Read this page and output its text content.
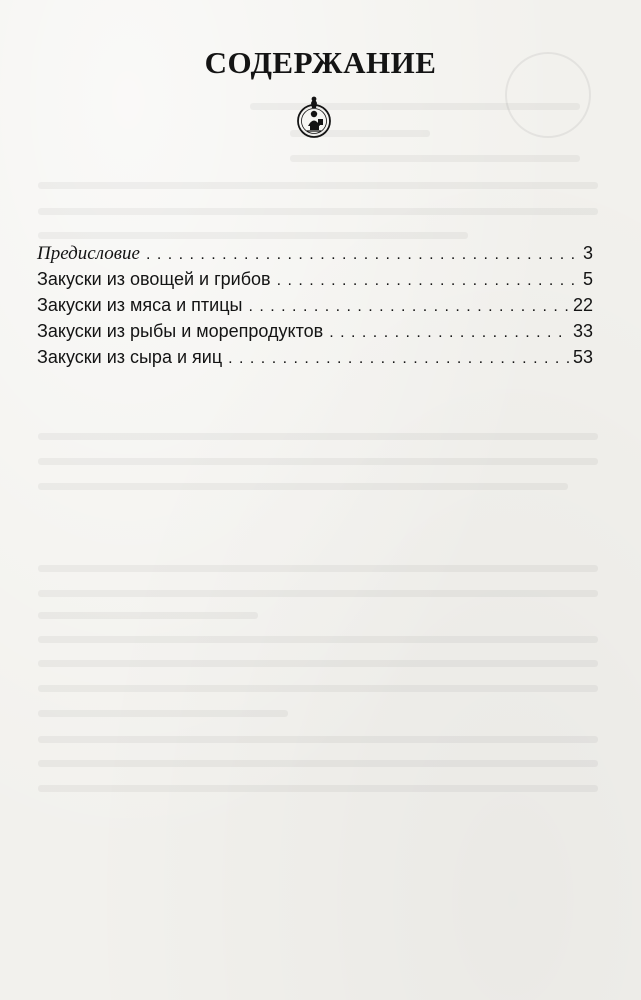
СОДЕРЖАНИЕ
Предисловие . . .	3
Закуски из овощей и грибов . . .	5
Закуски из мяса и птицы . . .	22
Закуски из рыбы и морепродуктов . . .	33
Закуски из сыра и яиц . . .	53
